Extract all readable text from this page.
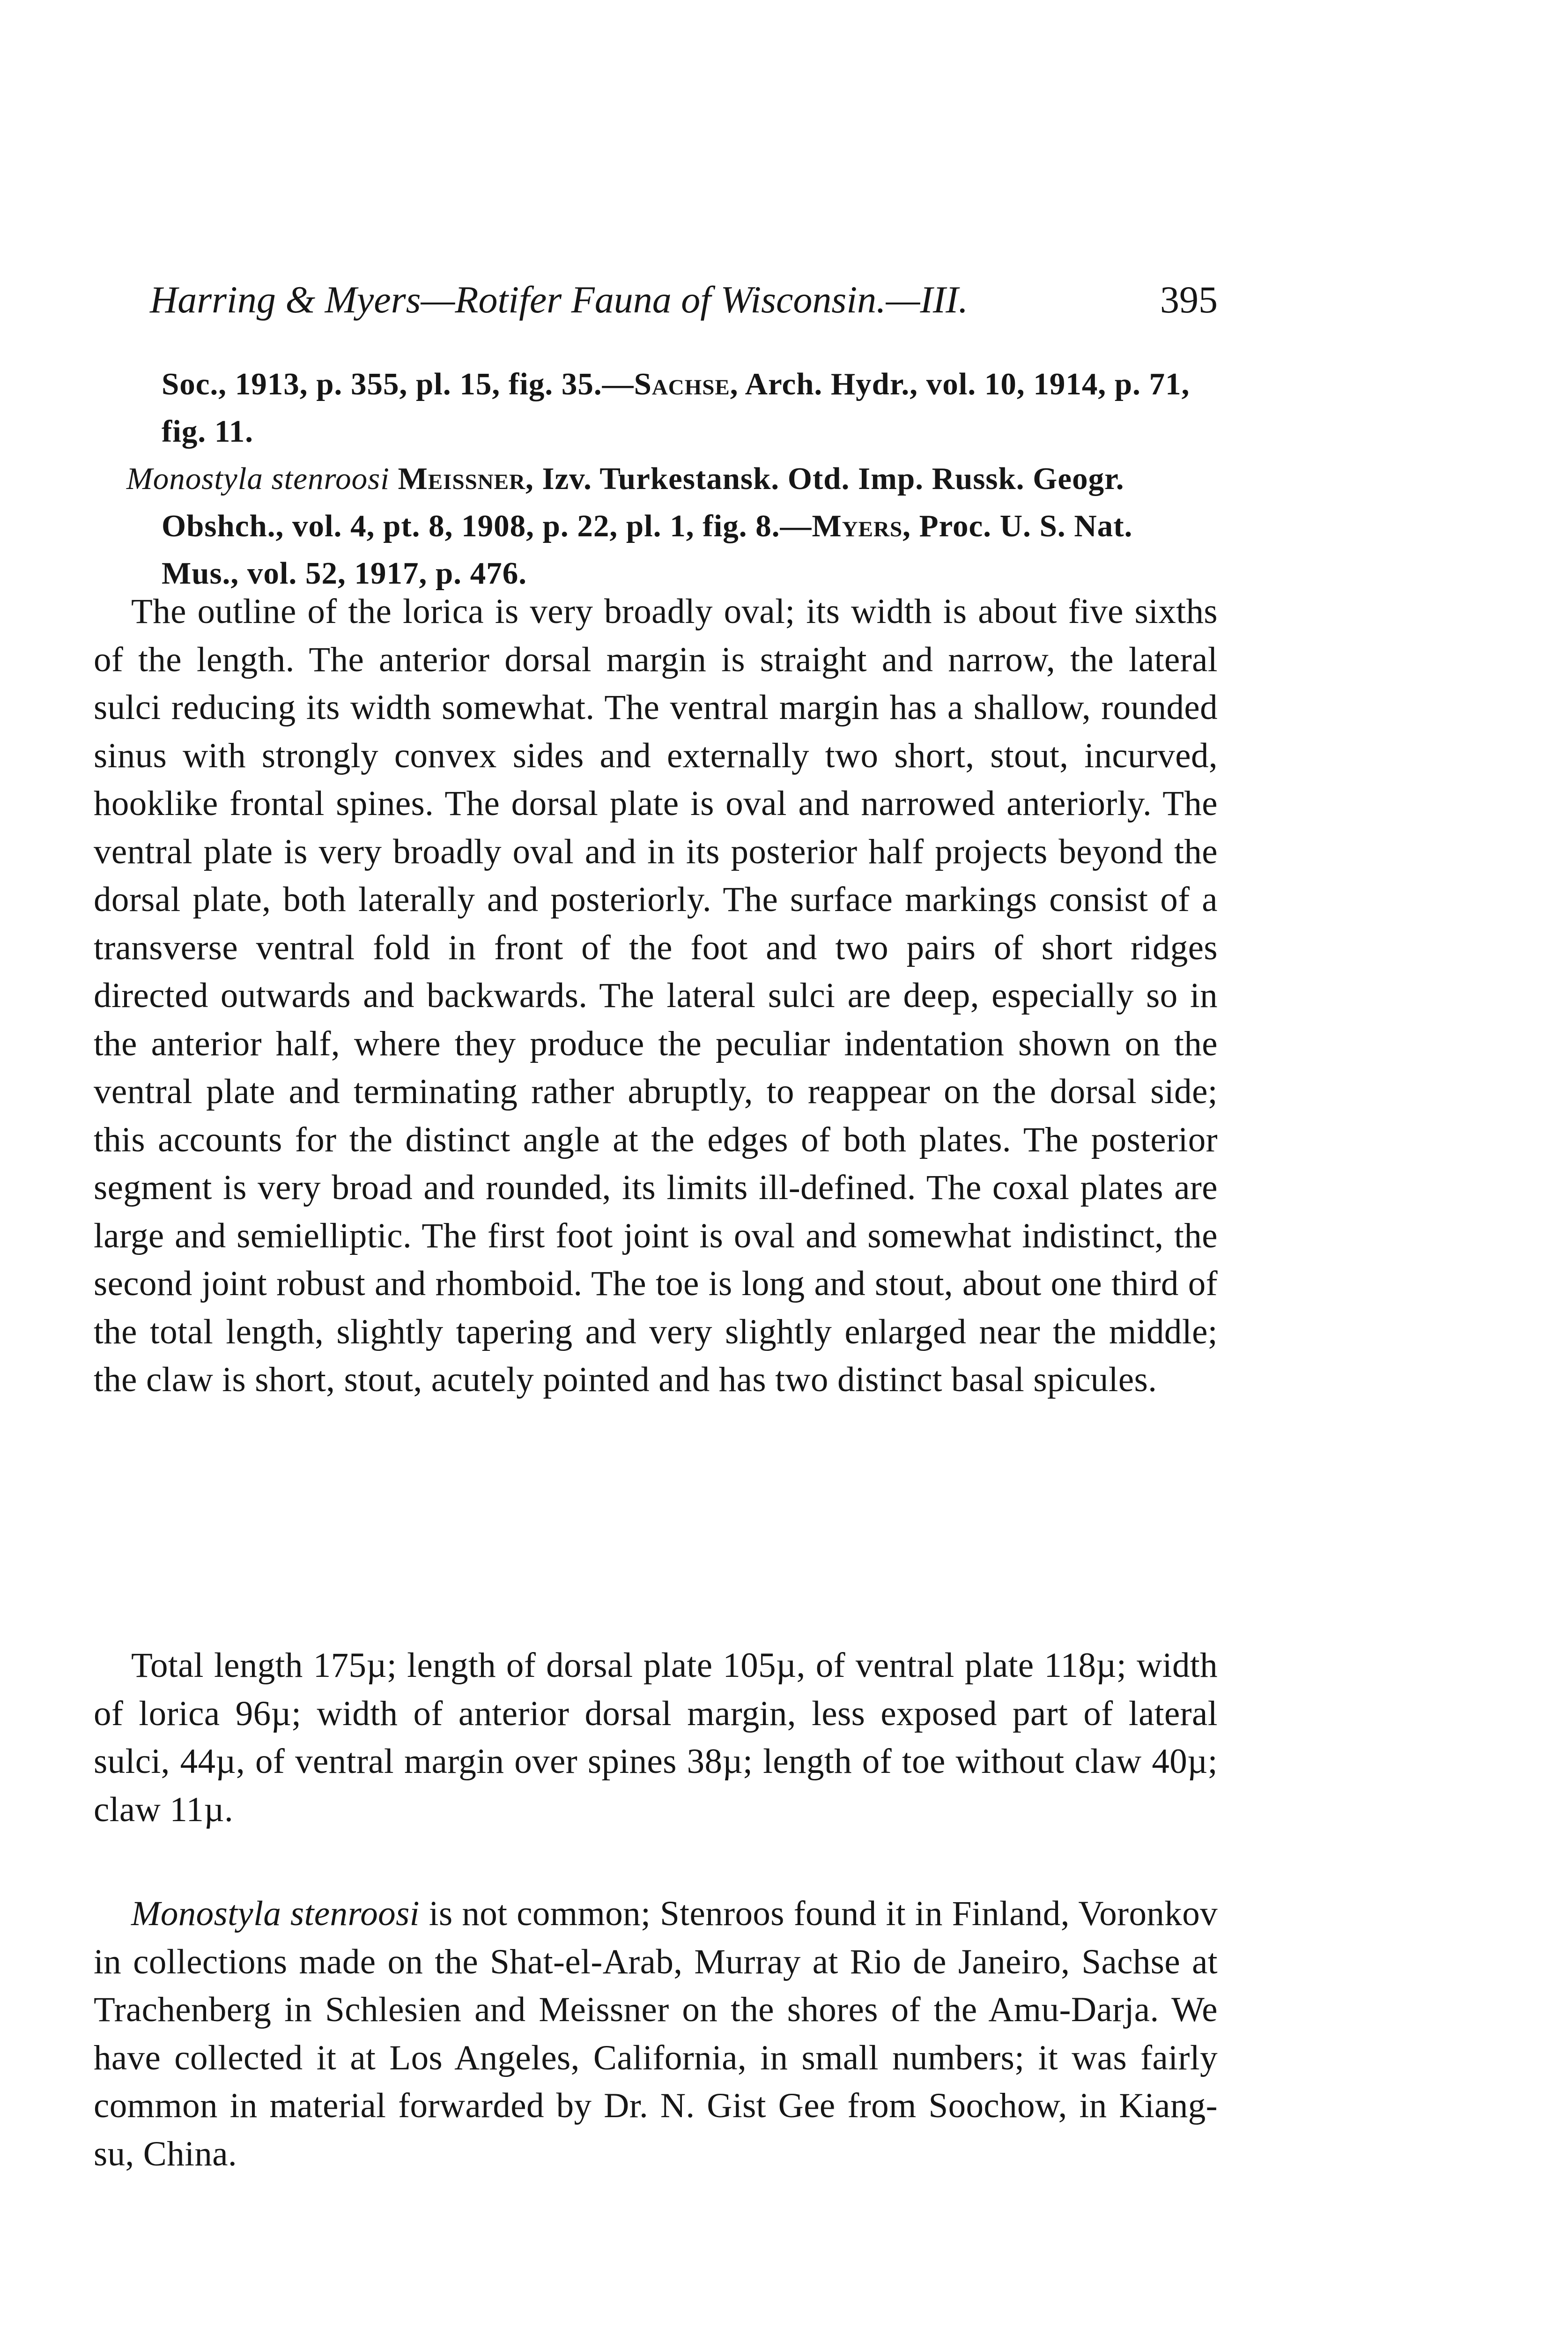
Harring & Myers—Rotifer Fauna of Wisconsin.—III.	395
Soc., 1913, p. 355, pl. 15, fig. 35.—Sachse, Arch. Hydr., vol. 10, 1914, p. 71, fig. 11.
Monostyla stenroosi Meissner, Izv. Turkestansk. Otd. Imp. Russk. Geogr. Obshch., vol. 4, pt. 8, 1908, p. 22, pl. 1, fig. 8.—Myers, Proc. U. S. Nat. Mus., vol. 52, 1917, p. 476.

The outline of the lorica is very broadly oval; its width is about five sixths of the length. The anterior dorsal margin is straight and narrow, the lateral sulci reducing its width somewhat. The ventral margin has a shallow, rounded sinus with strongly convex sides and externally two short, stout, incurved, hooklike frontal spines. The dorsal plate is oval and narrowed anteriorly. The ventral plate is very broadly oval and in its posterior half projects beyond the dorsal plate, both laterally and posteriorly. The surface markings consist of a transverse ventral fold in front of the foot and two pairs of short ridges directed outwards and backwards. The lateral sulci are deep, especially so in the anterior half, where they produce the peculiar indentation shown on the ventral plate and terminating rather abruptly, to reappear on the dorsal side; this accounts for the distinct angle at the edges of both plates. The posterior segment is very broad and rounded, its limits ill-defined. The coxal plates are large and semielliptic. The first foot joint is oval and somewhat indistinct, the second joint robust and rhomboid. The toe is long and stout, about one third of the total length, slightly tapering and very slightly enlarged near the middle; the claw is short, stout, acutely pointed and has two distinct basal spicules.

Total length 175µ; length of dorsal plate 105µ, of ventral plate 118µ; width of lorica 96µ; width of anterior dorsal margin, less exposed part of lateral sulci, 44µ, of ventral margin over spines 38µ; length of toe without claw 40µ; claw 11µ.

Monostyla stenroosi is not common; Stenroos found it in Finland, Voronkov in collections made on the Shat-el-Arab, Murray at Rio de Janeiro, Sachse at Trachenberg in Schlesien and Meissner on the shores of the Amu-Darja. We have collected it at Los Angeles, California, in small numbers; it was fairly common in material forwarded by Dr. N. Gist Gee from Soochow, in Kiang-su, China.
